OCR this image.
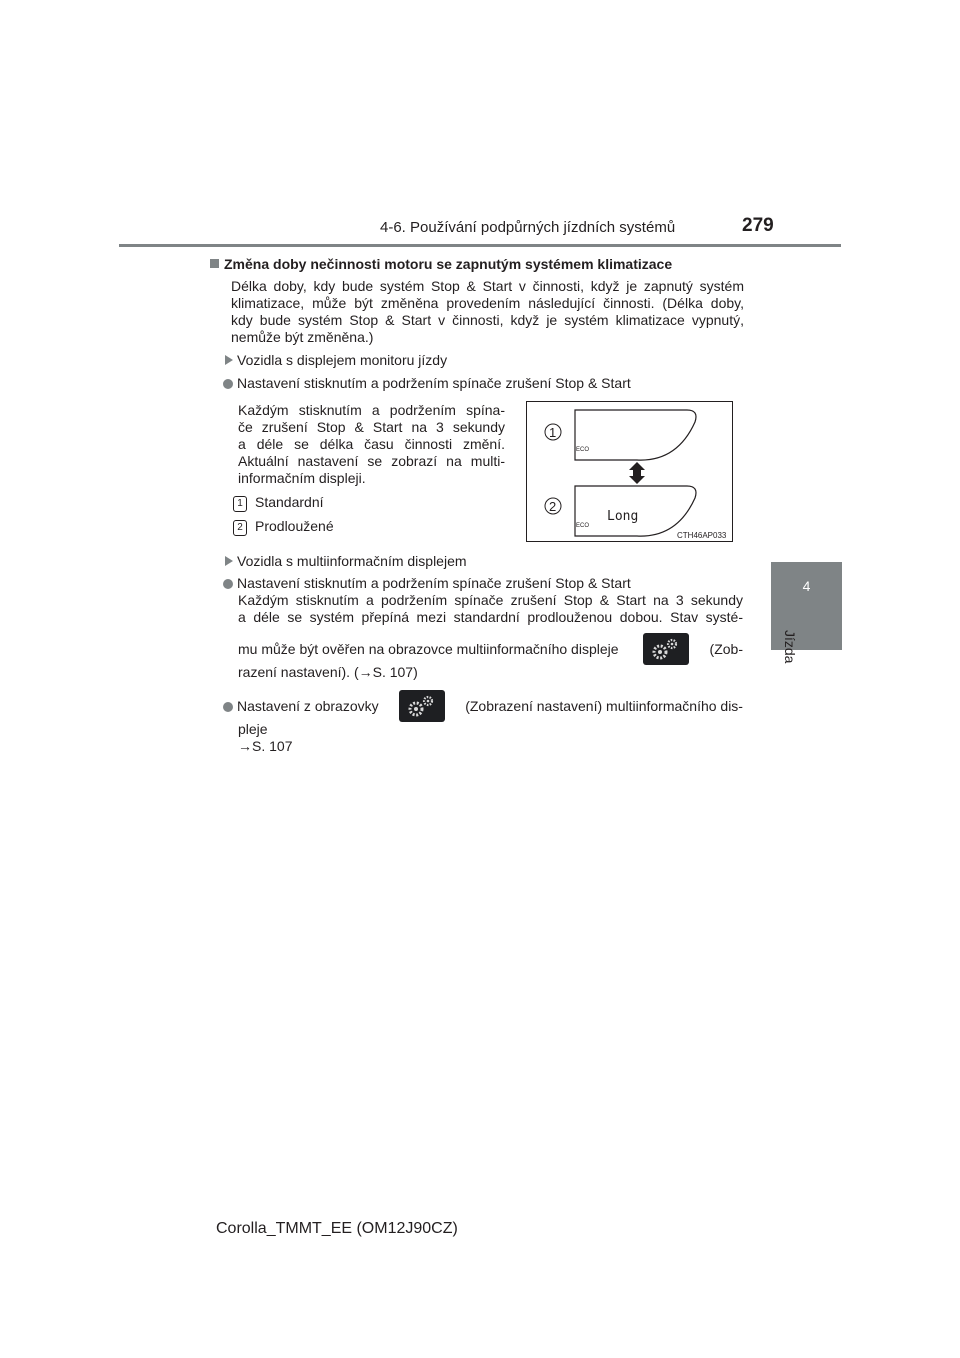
4-6. Používání podpůrných jízdních systémů	279
4
Jízda
Změna doby nečinnosti motoru se zapnutým systémem klimatizace
Délka doby, kdy bude systém Stop & Start v činnosti, když je zapnutý systém
klimatizace, může být změněna provedením následující činnosti. (Délka doby,
kdy bude systém Stop & Start v činnosti, když je systém klimatizace vypnutý,
nemůže být změněna.)
Vozidla s displejem monitoru jízdy
Nastavení stisknutím a podržením spínače zrušení Stop & Start
Každým stisknutím a podržením spína-
če zrušení Stop & Start na 3 sekundy
a déle se délka času činnosti změní.
Aktuální nastavení se zobrazí na multi-
informačním displeji.
1 Standardní
2 Prodloužené
ECO
ECO
Long
1
2
CTH46AP033
Vozidla s multiinformačním displejem
Nastavení stisknutím a podržením spínače zrušení Stop & Start
Každým stisknutím a podržením spínače zrušení Stop & Start na 3 sekundy
a déle se systém přepíná mezi standardní prodlouženou dobou. Stav systé-
mu může být ověřen na obrazovce multiinformačního displeje	(Zob-
razení nastavení). (→S. 107)
Nastavení z obrazovky	(Zobrazení nastavení) multiinformačního dis-
pleje
→S. 107
Corolla_TMMT_EE (OM12J90CZ)
